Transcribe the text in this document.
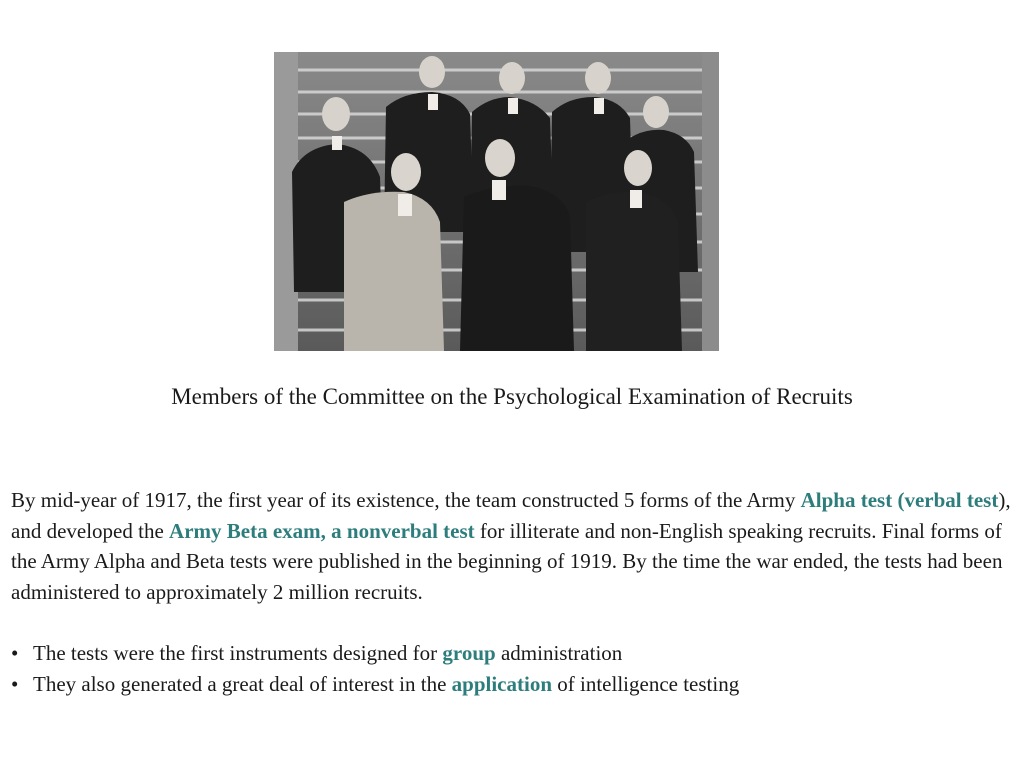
Members of the Committee on the Psychological Examination of Recruits

By mid-year of 1917, the first year of its existence, the team constructed 5 forms of the Army Alpha test (verbal test), and developed the Army Beta exam, a nonverbal test for illiterate and non-English speaking recruits. Final forms of the Army Alpha and Beta tests were published in the beginning of 1919. By the time the war ended, the tests had been administered to approximately 2 million recruits.

• The tests were the first instruments designed for group administration
• They also generated a great deal of interest in the application of intelligence testing
